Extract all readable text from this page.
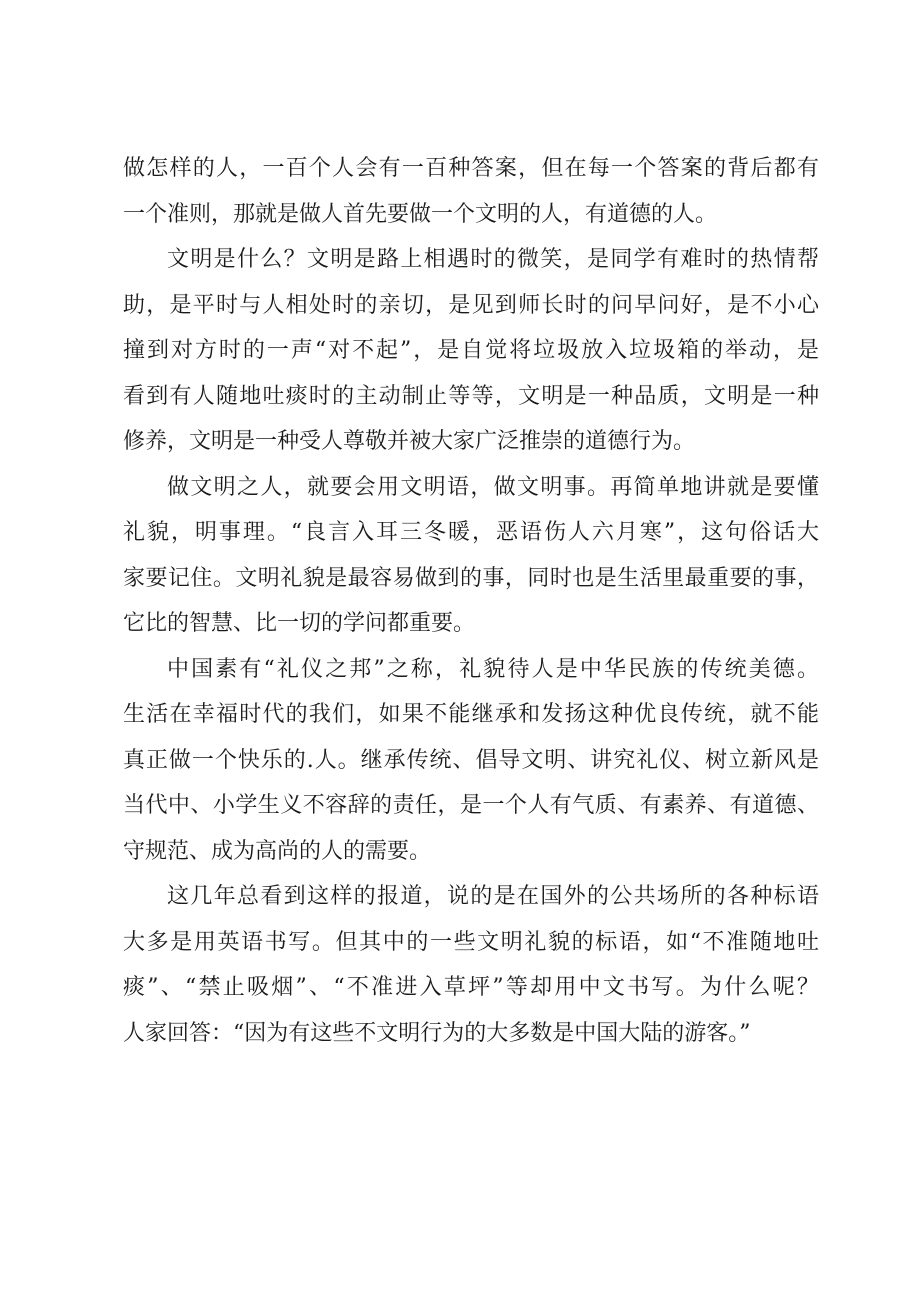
做怎样的人，一百个人会有一百种答案，但在每一个答案的背后都有
一个准则，那就是做人首先要做一个文明的人，有道德的人。

文明是什么？文明是路上相遇时的微笑，是同学有难时的热情帮
助，是平时与人相处时的亲切，是见到师长时的问早问好，是不小心
撞到对方时的一声“对不起”，是自觉将垃圾放入垃圾箱的举动，是
看到有人随地吐痰时的主动制止等等，文明是一种品质，文明是一种
修养，文明是一种受人尊敬并被大家广泛推崇的道德行为。

做文明之人，就要会用文明语，做文明事。再简单地讲就是要懂
礼貌，明事理。“良言入耳三冬暖，恶语伤人六月寒”，这句俗话大
家要记住。文明礼貌是最容易做到的事，同时也是生活里最重要的事，
它比的智慧、比一切的学问都重要。

中国素有“礼仪之邦”之称，礼貌待人是中华民族的传统美德。
生活在幸福时代的我们，如果不能继承和发扬这种优良传统，就不能
真正做一个快乐的.人。继承传统、倡导文明、讲究礼仪、树立新风是
当代中、小学生义不容辞的责任，是一个人有气质、有素养、有道德、
守规范、成为高尚的人的需要。

这几年总看到这样的报道，说的是在国外的公共场所的各种标语
大多是用英语书写。但其中的一些文明礼貌的标语，如“不准随地吐
痰”、“禁止吸烟”、“不准进入草坪”等却用中文书写。为什么呢？
人家回答：“因为有这些不文明行为的大多数是中国大陆的游客。”
